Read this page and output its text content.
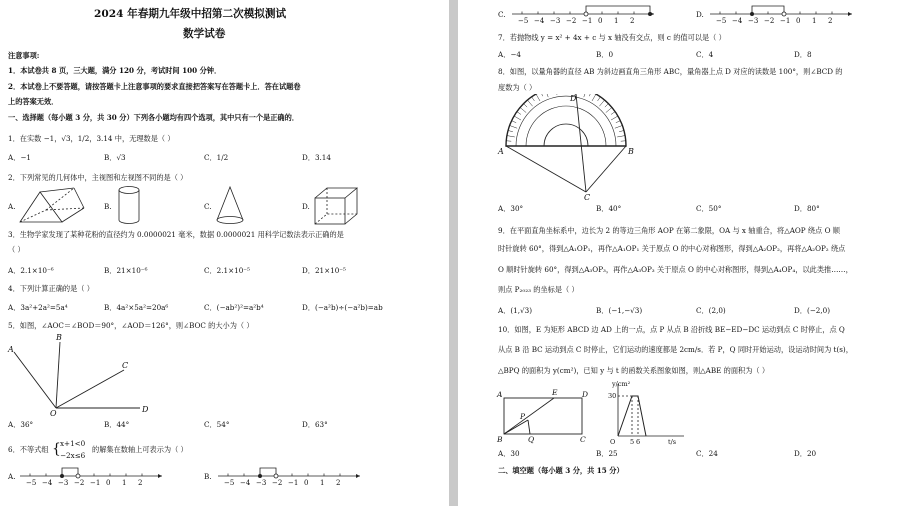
2024 年春期九年级中招第二次模拟测试
数学试卷
注意事项:
1．本试卷共 8 页，三大题，满分 120 分，考试时间 100 分钟．
2．本试卷上不要答题，请按答题卡上注意事项的要求直接把答案写在答题卡上．答在试题卷
上的答案无效．
一、选择题（每小题 3 分，共 30 分）下列各小题均有四个选项，其中只有一个是正确的．
1．在实数 −1，√3，1/2，3.14 中，无理数是（ ）
A．−1	B．√3	C．1/2	D．3.14
2．下列常见的几何体中，主视图和左视图不同的是（ ）
A.	B.	C.	D.
3．生物学家发现了某种花粉的直径约为 0.0000021 毫米，数据 0.0000021 用科学记数法表示正确的是
（ ）
A．2.1×10⁻⁶	B．21×10⁻⁶	C．2.1×10⁻⁵	D．21×10⁻⁵
4．下列计算正确的是（ ）
A．3a²+2a²=5a⁴	B．4a²×5a²=20a⁶	C．(−ab²)²=a²b⁴	D．(−a²b)÷(−a²b)=ab
5．如图，∠AOC＝∠BOD＝90°，∠AOD＝126°，则∠BOC 的大小为（ ）
A
B
C
O	D
A．36°	B．44°	C．54°	D．63°
6．不等式组 { x+1<0
−2x≤6
的解集在数轴上可表示为（ ）
A.
−5 −4 −3 −2 −1 0 1 2
B.
−5 −4 −3 −2 −1 0 1 2
C.
−5 −4 −3 −2 −1 0 1 2
D.
−5 −4 −3 −2 −1 0 1 2
7．若抛物线 y = x² + 4x + c 与 x 轴没有交点，则 c 的值可以是（ ）
A．−4	B．0	C．4	D．8
8．如图，以量角器的直径 AB 为斜边画直角三角形 ABC，量角器上点 D 对应的读数是 100°，则∠BCD 的
度数为（ ）
D
A	B
C
A．30°	B．40°	C．50°	D．80°
9．在平面直角坐标系中，边长为 2 的等边三角形 AOP 在第二象限，OA 与 x 轴重合，将△AOP 绕点 O 顺
时针旋转 60°，得到△A₁OP₁，再作△A₁OP₁ 关于原点 O 的中心对称图形，得到△A₂OP₂，再将△A₂OP₂ 绕点
O 顺时针旋转 60°，得到△A₃OP₃，再作△A₃OP₃ 关于原点 O 的中心对称图形，得到△A₄OP₄，以此类推……，
则点 P₂₀₂₃ 的坐标是（ ）
A．(1,√3)	B．(−1,−√3)	C．(2,0)	D．(−2,0)
10．如图，E 为矩形 ABCD 边 AD 上的一点，点 P 从点 B 沿折线 BE−ED−DC 运动到点 C 时停止，点 Q
从点 B 沿 BC 运动到点 C 时停止，它们运动的速度都是 2cm/s．若 P，Q 同时开始运动，设运动时间为 t(s)，
△BPQ 的面积为 y(cm²)，已知 y 与 t 的函数关系图象如图，则△ABE 的面积为（ ）
A	E	D
P
B	Q	C
y/cm²
30
O 5 6	t/s
A．30	B．25	C．24	D．20
二、填空题（每小题 3 分，共 15 分）
